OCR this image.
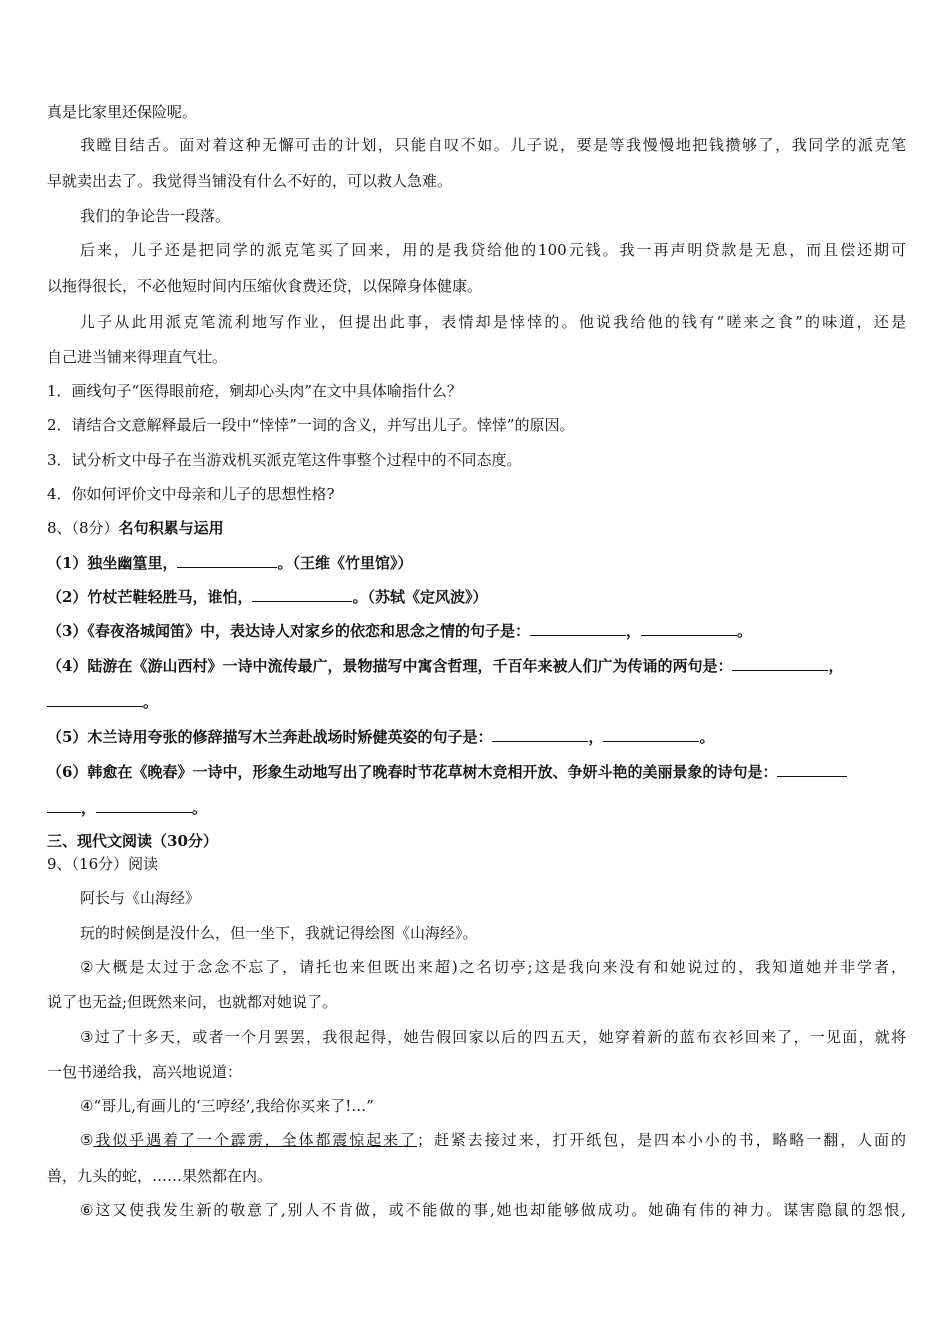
真是比家里还保险呢。
我瞠目结舌。面对着这种无懈可击的计划，只能自叹不如。儿子说，要是等我慢慢地把钱攒够了，我同学的派克笔
早就卖出去了。我觉得当铺没有什么不好的，可以救人急难。
我们的争论告一段落。
后来，儿子还是把同学的派克笔买了回来，用的是我贷给他的100元钱。我一再声明贷款是无息，而且偿还期可
以拖得很长，不必他短时间内压缩伙食费还贷，以保障身体健康。
儿子从此用派克笔流利地写作业，但提出此事，表情却是悻悻的。他说我给他的钱有“嗟来之食”的味道，还是
自己进当铺来得理直气壮。
1．画线句子“医得眼前疮，剜却心头肉”在文中具体喻指什么？
2．请结合文意解释最后一段中“悻悻”一词的含义，并写出儿子。悻悻”的原因。
3．试分析文中母子在当游戏机买派克笔这件事整个过程中的不同态度。
4．你如何评价文中母亲和儿子的思想性格?
8、（8分）名句积累与运用
（1）独坐幽篁里，	。（王维《竹里馆》）
（2）竹杖芒鞋轻胜马，谁怕，	。（苏轼《定风波》）
（3）《春夜洛城闻笛》中，表达诗人对家乡的依恋和思念之情的句子是：	，	。
（4）陆游在《游山西村》一诗中流传最广，景物描写中寓含哲理，千百年来被人们广为传诵的两句是：	，
。
（5）木兰诗用夸张的修辞描写木兰奔赴战场时矫健英姿的句子是：	，	。
（6）韩愈在《晚春》一诗中，形象生动地写出了晚春时节花草树木竞相开放、争妍斗艳的美丽景象的诗句是：
，	。
三、现代文阅读（30分）
9、（16分）阅读
阿长与《山海经》
玩的时候倒是没什么，但一坐下，我就记得绘图《山海经》。
②大概是太过于念念不忘了，请托也来但既出来超)之名切亭;这是我向来没有和她说过的，我知道她并非学者，
说了也无益;但既然来问，也就都对她说了。
③过了十多天，或者一个月罢罢，我很起得，她告假回家以后的四五天，她穿着新的蓝布衣衫回来了，一见面，就将
一包书递给我，高兴地说道：
④“哥儿,有画儿的‘三哼经’,我给你买来了!…”
⑤我似乎遇着了一个霹雳，全体都震惊起来了；赶紧去接过来，打开纸包，是四本小小的书，略略一翻，人面的
兽，九头的蛇，……果然都在内。
⑥这又使我发生新的敬意了,别人不肯做，或不能做的事,她也却能够做成功。她确有伟的神力。谋害隐鼠的怨恨,
